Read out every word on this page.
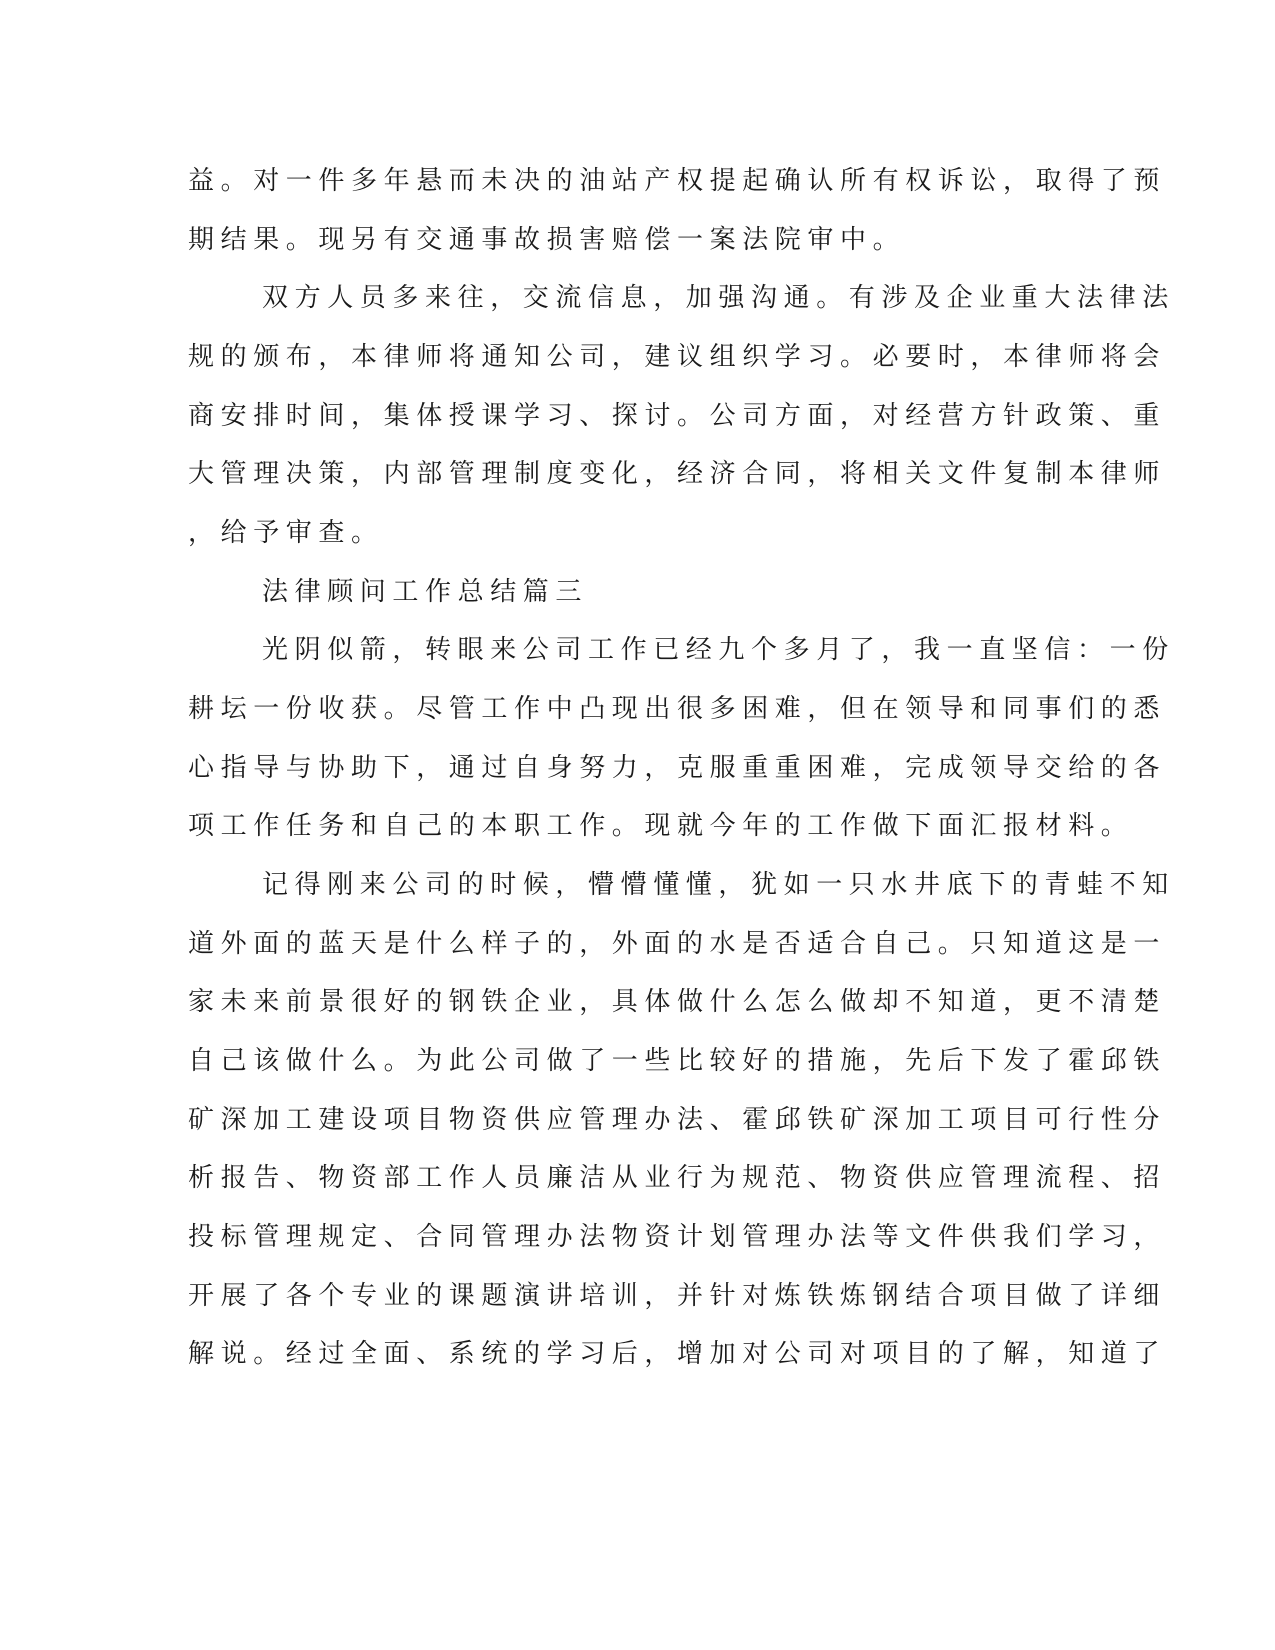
益。对一件多年悬而未决的油站产权提起确认所有权诉讼，取得了预
期结果。现另有交通事故损害赔偿一案法院审中。
双方人员多来往，交流信息，加强沟通。有涉及企业重大法律法
规的颁布，本律师将通知公司，建议组织学习。必要时，本律师将会
商安排时间，集体授课学习、探讨。公司方面，对经营方针政策、重
大管理决策，内部管理制度变化，经济合同，将相关文件复制本律师
，给予审查。
法律顾问工作总结篇三
光阴似箭，转眼来公司工作已经九个多月了，我一直坚信：一份
耕坛一份收获。尽管工作中凸现出很多困难，但在领导和同事们的悉
心指导与协助下，通过自身努力，克服重重困难，完成领导交给的各
项工作任务和自己的本职工作。现就今年的工作做下面汇报材料。
记得刚来公司的时候，懵懵懂懂，犹如一只水井底下的青蛙不知
道外面的蓝天是什么样子的，外面的水是否适合自己。只知道这是一
家未来前景很好的钢铁企业，具体做什么怎么做却不知道，更不清楚
自己该做什么。为此公司做了一些比较好的措施，先后下发了霍邱铁
矿深加工建设项目物资供应管理办法、霍邱铁矿深加工项目可行性分
析报告、物资部工作人员廉洁从业行为规范、物资供应管理流程、招
投标管理规定、合同管理办法物资计划管理办法等文件供我们学习，
开展了各个专业的课题演讲培训，并针对炼铁炼钢结合项目做了详细
解说。经过全面、系统的学习后，增加对公司对项目的了解，知道了
